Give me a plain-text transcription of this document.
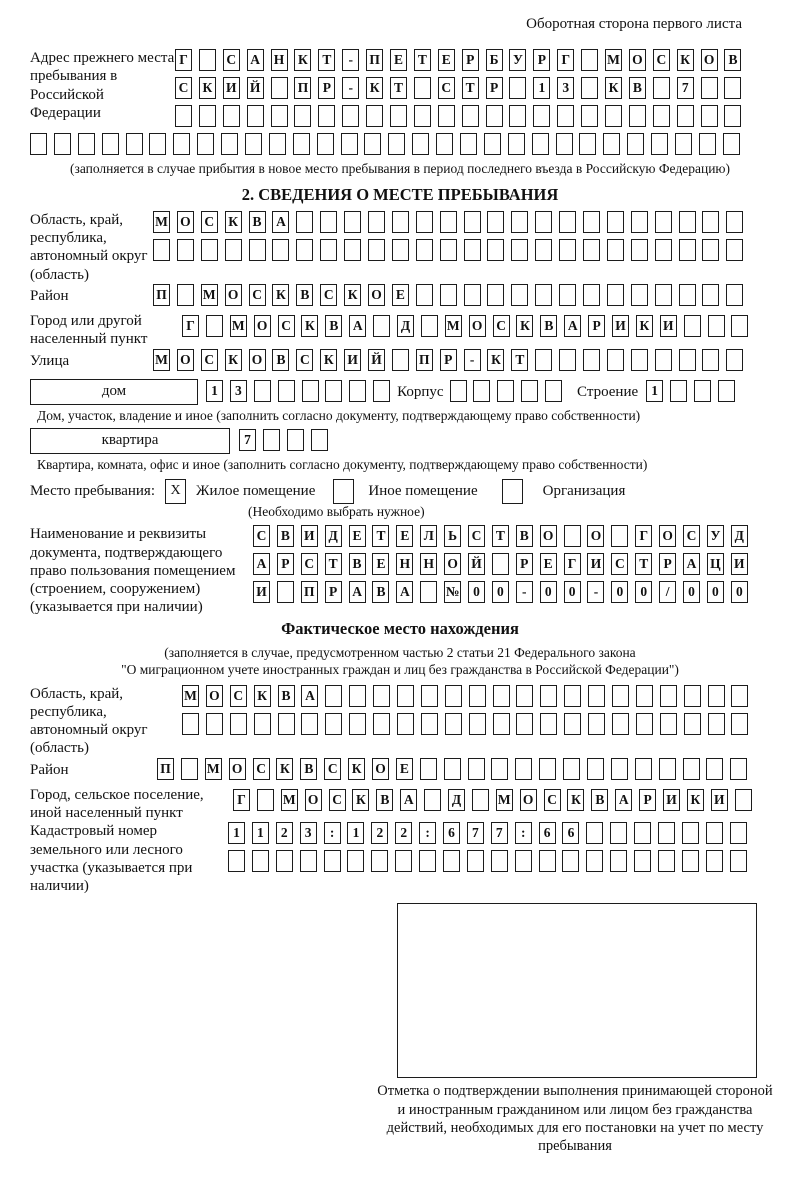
Оборотная сторона первого листа
Адрес прежнего места пребывания в Российской Федерации
Г	С А Н К Т	-	П Е Т Е	Р	Б У	Р	Г	М О С К О В
С К И Й	П	Р	-	К Т	С Т	Р	1	3	К В	7
(заполняется в случае прибытия в новое место пребывания в период последнего въезда в Российскую Федерацию)
2. СВЕДЕНИЯ О МЕСТЕ ПРЕБЫВАНИЯ
Область, край, республика, автономный округ (область)
М О С К В А
Район	П	М О С К В С К О Е
Город или другой населенный пункт
Г	М О С К В А	Д	М О С К В А	Р	И К И
Улица	М О С К О В С К И Й	П	Р	-	К Т
дом	1	3	Корпус	Строение 1
Дом, участок, владение и иное (заполнить согласно документу, подтверждающему право собственности)
квартира	7
Квартира, комната, офис и иное (заполнить согласно документу, подтверждающему право собственности)
Место пребывания:	X	Жилое помещение	Иное помещение	Организация
(Необходимо выбрать нужное)
Наименование и реквизиты документа, подтверждающего право пользования помещением (строением, сооружением) (указывается при наличии)
С В И Д Е Т Е Л Ь С Т В О	О	Г	О С У Д
А	Р	С Т В Е Н Н О Й	Р	Е	Г	И С Т	Р	А Ц И
И	П	Р	А В А	№	0	0	-	0	0	-	0	0	/	0	0	0
Фактическое место нахождения
(заполняется в случае, предусмотренном частью 2 статьи 21 Федерального закона
"О миграционном учете иностранных граждан и лиц без гражданства в Российской Федерации")
Область, край, республика, автономный округ (область)
М О С К В А
Район	П	М О С К В С К О Е
Город, сельское поселение, иной населенный пункт
Г	М О С К В А	Д	М О С К В А	Р	И К И
Кадастровый номер земельного или лесного участка (указывается при наличии)
1	1	2	3	:	1	2	2	:	6	7	7	:	6	6
Отметка о подтверждении выполнения принимающей стороной и иностранным гражданином или лицом без гражданства действий, необходимых для его постановки на учет по месту пребывания
